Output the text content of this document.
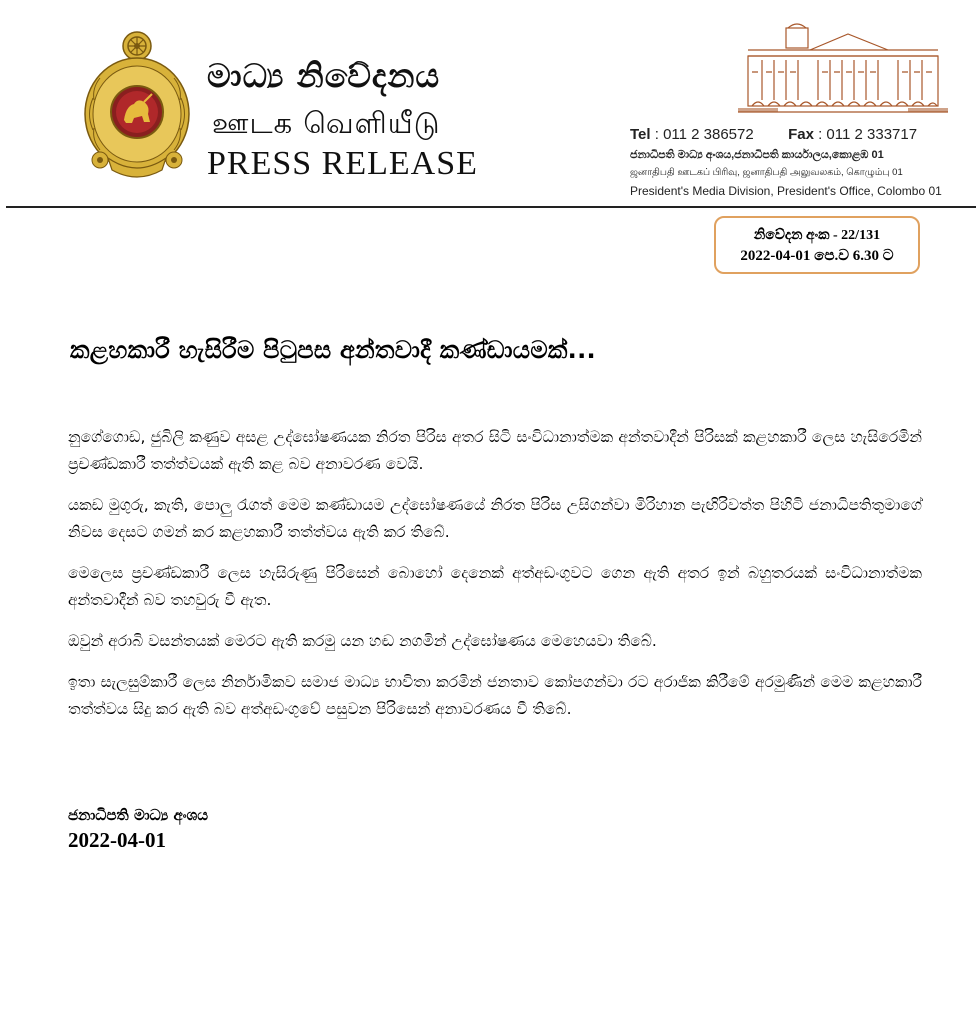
මාධ්‍ය නිවේදනය
ஊடக வெளியீடு
PRESS RELEASE
Tel : 011 2 386572 Fax : 011 2 333717
ජනාධිපති මාධ්‍ය අංශය,ජනාධිපති කාර්යාලය,කොළඹ 01
ஜனாதிபதி ஊடகப் பிரிவு, ஜனாதிபதி அலுவலகம், கொழும்பு 01
President's Media Division, President's Office, Colombo 01
නිවේදන අංක - 22/131
2022-04-01 පෙ.ව 6.30 ට
කළහකාරී හැසිරීම පිටුපස අන්තවාදී කණ්ඩායමක්...

නුගේගොඩ, ජුබිලි කණුව අසළ උද්ඝෝෂණයක නිරත පිරිස අතර සිටි සංවිධානාත්මක අන්තවාදීන් පිරිසක් කළහකාරී ලෙස හැසිරෙමින් ප්‍රචණ්ඩකාරී තත්ත්වයක් ඇති කළ බව අනාවරණ වෙයි.

යකඩ මුගුරු, කැති, පොලු රැගත් මෙම කණ්ඩායම උද්ඝෝෂණයේ නිරත පිරිස උසිගන්වා මිරිහාන පැඟිරිවත්ත පිහිටි ජනාධිපතිතුමාගේ නිවස දෙසට ගමන් කර කළහකාරී තත්ත්වය ඇති කර තිබේ.

මෙලෙස ප්‍රචණ්ඩකාරී ලෙස හැසිරුණු පිරිසෙන් බොහෝ දෙනෙක් අත්අඩංගුවට ගෙන ඇති අතර ඉන් බහුතරයක් සංවිධානාත්මක අන්තවාදීන් බව තහවුරු වී ඇත.

ඔවුන් අරාබි වසන්තයක් මෙරට ඇති කරමු යන හඬ නගමින් උද්ඝෝෂණය මෙහෙයවා තිබේ.

ඉතා සැලසුම්කාරී ලෙස නිර්නාමිකව සමාජ මාධ්‍ය භාවිතා කරමින් ජනතාව කෝපගන්වා රට අරාජික කිරීමේ අරමුණින් මෙම කළහකාරී තත්ත්වය සිදු කර ඇති බව අත්අඩංගුවේ පසුවන පිරිසෙන් අනාවරණය වී තිබේ.

ජනාධිපති මාධ්‍ය අංශය
2022-04-01
